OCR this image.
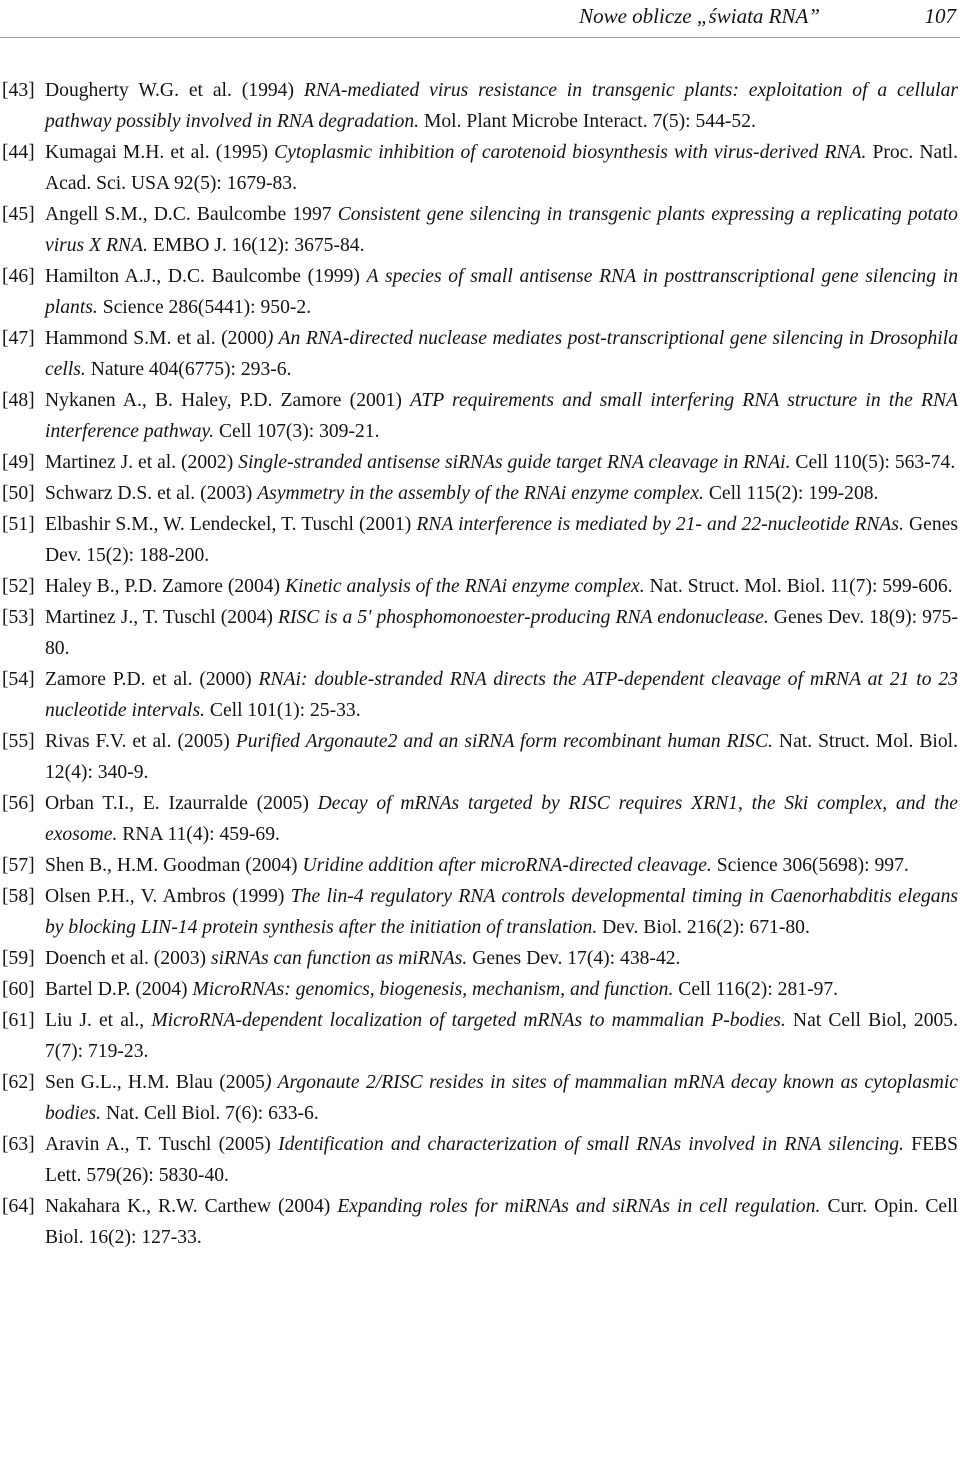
Nowe oblicze „świata RNA”	107
[43] Dougherty W.G. et al. (1994) RNA-mediated virus resistance in transgenic plants: exploitation of a cellular pathway possibly involved in RNA degradation. Mol. Plant Microbe Interact. 7(5): 544-52.
[44] Kumagai M.H. et al. (1995) Cytoplasmic inhibition of carotenoid biosynthesis with virus-derived RNA. Proc. Natl. Acad. Sci. USA 92(5): 1679-83.
[45] Angell S.M., D.C. Baulcombe 1997 Consistent gene silencing in transgenic plants expressing a replicating potato virus X RNA. EMBO J. 16(12): 3675-84.
[46] Hamilton A.J., D.C. Baulcombe (1999) A species of small antisense RNA in posttranscriptional gene silencing in plants. Science 286(5441): 950-2.
[47] Hammond S.M. et al. (2000) An RNA-directed nuclease mediates post-transcriptional gene silencing in Drosophila cells. Nature 404(6775): 293-6.
[48] Nykanen A., B. Haley, P.D. Zamore (2001) ATP requirements and small interfering RNA structure in the RNA interference pathway. Cell 107(3): 309-21.
[49] Martinez J. et al. (2002) Single-stranded antisense siRNAs guide target RNA cleavage in RNAi. Cell 110(5): 563-74.
[50] Schwarz D.S. et al. (2003) Asymmetry in the assembly of the RNAi enzyme complex. Cell 115(2): 199-208.
[51] Elbashir S.M., W. Lendeckel, T. Tuschl (2001) RNA interference is mediated by 21- and 22-nucleotide RNAs. Genes Dev. 15(2): 188-200.
[52] Haley B., P.D. Zamore (2004) Kinetic analysis of the RNAi enzyme complex. Nat. Struct. Mol. Biol. 11(7): 599-606.
[53] Martinez J., T. Tuschl (2004) RISC is a 5' phosphomonoester-producing RNA endonuclease. Genes Dev. 18(9): 975-80.
[54] Zamore P.D. et al. (2000) RNAi: double-stranded RNA directs the ATP-dependent cleavage of mRNA at 21 to 23 nucleotide intervals. Cell 101(1): 25-33.
[55] Rivas F.V. et al. (2005) Purified Argonaute2 and an siRNA form recombinant human RISC. Nat. Struct. Mol. Biol. 12(4): 340-9.
[56] Orban T.I., E. Izaurralde (2005) Decay of mRNAs targeted by RISC requires XRN1, the Ski complex, and the exosome. RNA 11(4): 459-69.
[57] Shen B., H.M. Goodman (2004) Uridine addition after microRNA-directed cleavage. Science 306(5698): 997.
[58] Olsen P.H., V. Ambros (1999) The lin-4 regulatory RNA controls developmental timing in Caenorhabditis elegans by blocking LIN-14 protein synthesis after the initiation of translation. Dev. Biol. 216(2): 671-80.
[59] Doench et al. (2003) siRNAs can function as miRNAs. Genes Dev. 17(4): 438-42.
[60] Bartel D.P. (2004) MicroRNAs: genomics, biogenesis, mechanism, and function. Cell 116(2): 281-97.
[61] Liu J. et al., MicroRNA-dependent localization of targeted mRNAs to mammalian P-bodies. Nat Cell Biol, 2005. 7(7): 719-23.
[62] Sen G.L., H.M. Blau (2005) Argonaute 2/RISC resides in sites of mammalian mRNA decay known as cytoplasmic bodies. Nat. Cell Biol. 7(6): 633-6.
[63] Aravin A., T. Tuschl (2005) Identification and characterization of small RNAs involved in RNA silencing. FEBS Lett. 579(26): 5830-40.
[64] Nakahara K., R.W. Carthew (2004) Expanding roles for miRNAs and siRNAs in cell regulation. Curr. Opin. Cell Biol. 16(2): 127-33.
